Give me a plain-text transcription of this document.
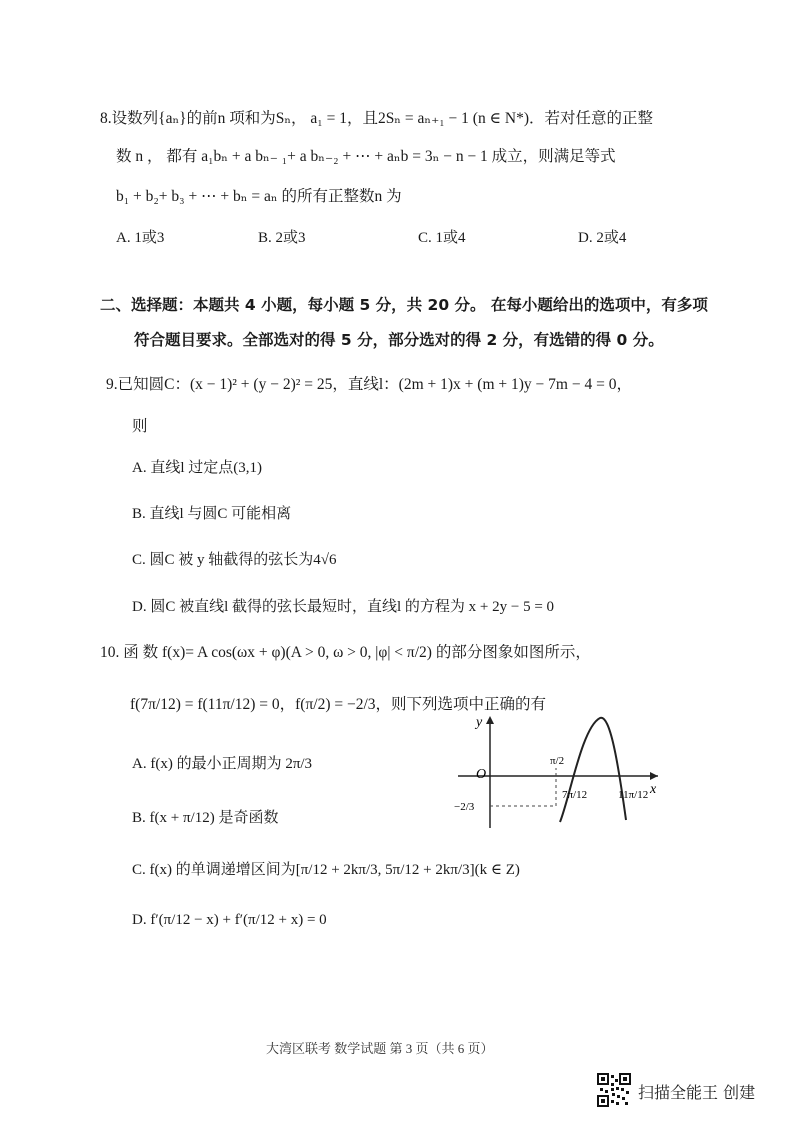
8.设数列{aₙ}的前n 项和为Sₙ， a₁ = 1，且2Sₙ = aₙ₊₁ − 1 (n ∈ N*)．若对任意的正整
数 n ， 都有 a₁bₙ + a bₙ₋ ₁+ a bₙ₋₂ + ⋯ + aₙb = 3ₙ − n − 1 成立，则满足等式
b₁ + b₂+ b₃ + ⋯ + bₙ = aₙ 的所有正整数n 为
A. 1或3	B. 2或3	C. 1或4	D. 2或4
二、选择题：本题共 4 小题，每小题 5 分，共 20 分。 在每小题给出的选项中，有多项
符合题目要求。全部选对的得 5 分，部分选对的得 2 分，有选错的得 0 分。
9.已知圆C：(x − 1)² + (y − 2)² = 25，直线l：(2m + 1)x + (m + 1)y − 7m − 4 = 0，
则
A. 直线l 过定点(3,1)
B. 直线l 与圆C 可能相离
C. 圆C 被 y 轴截得的弦长为4√6
D. 圆C 被直线l 截得的弦长最短时，直线l 的方程为 x + 2y − 5 = 0
10. 函 数 f(x)= A cos(ωx + φ)(A > 0, ω > 0, |φ| < π/2) 的部分图象如图所示，
f(7π/12) = f(11π/12) = 0，f(π/2) = −2/3，则下列选项中正确的有
A. f(x) 的最小正周期为 2π/3
B. f(x + π/12) 是奇函数
C. f(x) 的单调递增区间为[π/12 + 2kπ/3, 5π/12 + 2kπ/3](k ∈ Z)
D. f′(π/12 − x) + f′(π/12 + x) = 0
y
x
O
π/2
7π/12	11π/12
−2/3
大湾区联考 数学试题 第 3 页（共 6 页）
扫描全能王 创建
